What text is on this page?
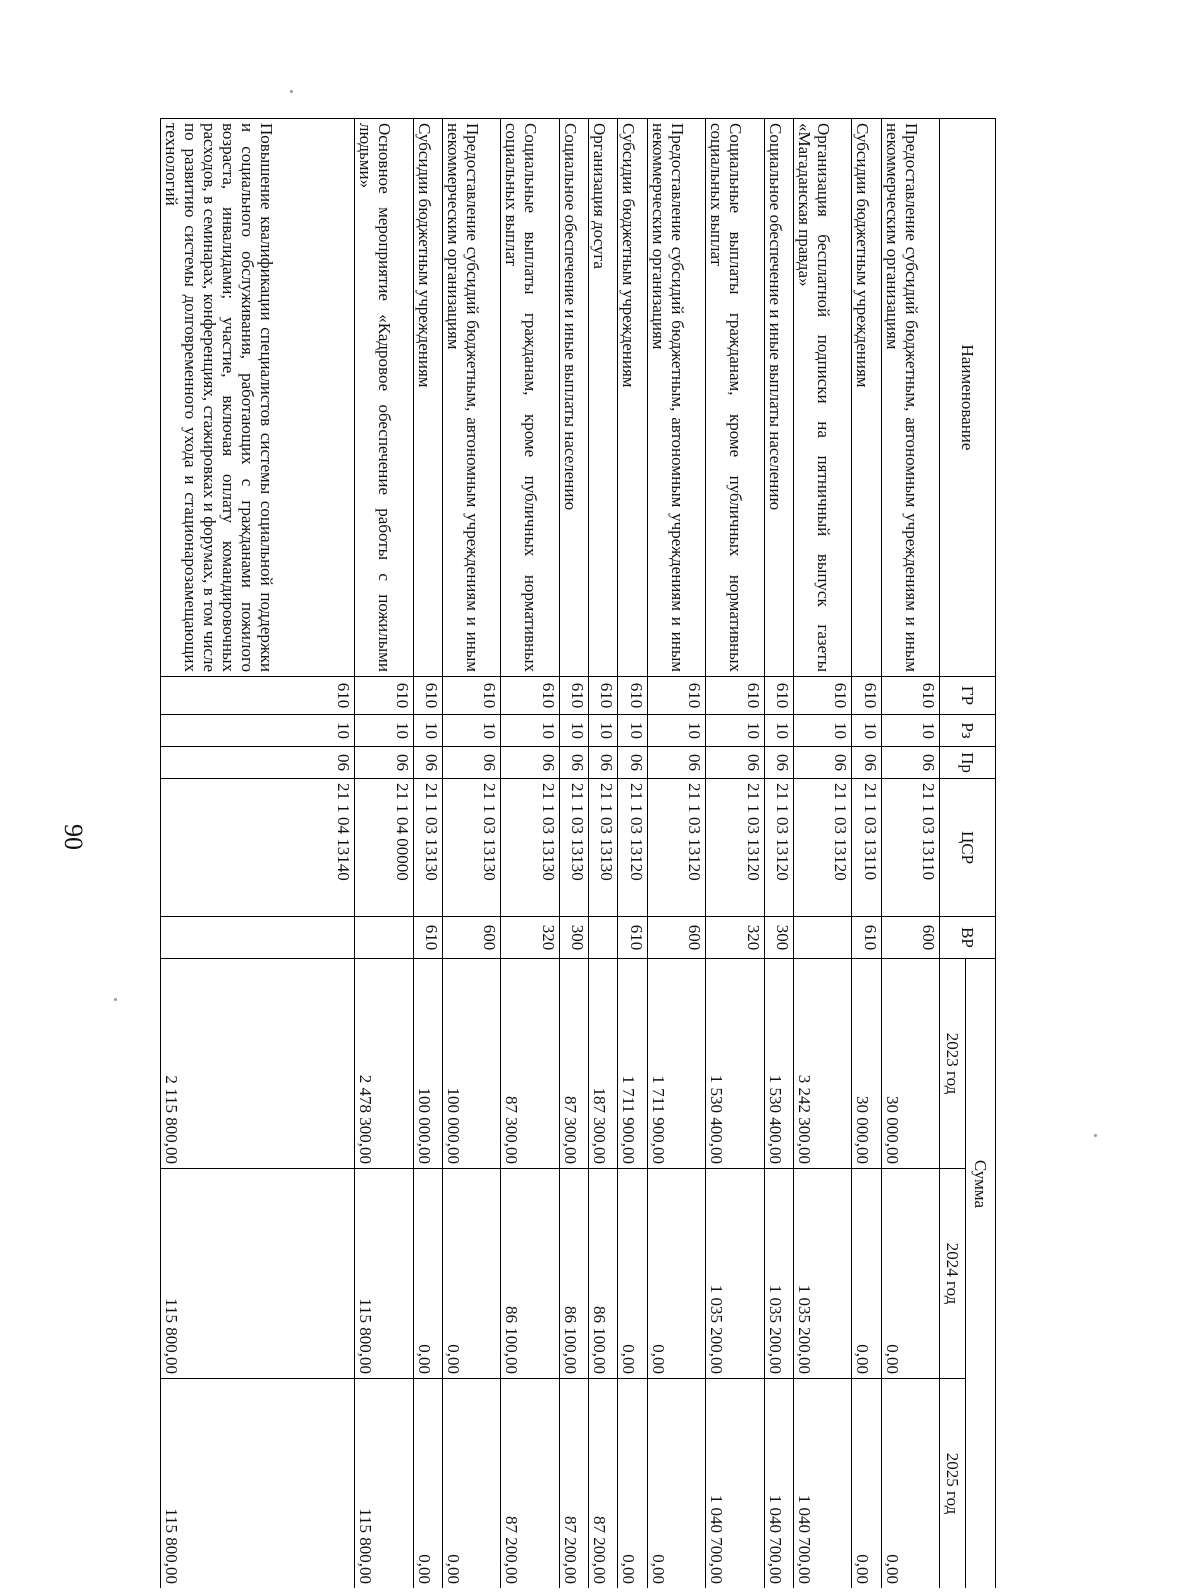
90
Наименование	ГР	Рз	Пр	ЦСР	ВР	Сумма		
						2023 год	2024 год	2025 год
Предоставление субсидий бюджетным, автономным учреждениям и иным некоммерческим организациям	610	10	06	21 1 03 13110	600	30 000,00	0,00	0,00
Субсидии бюджетным учреждениям	610	10	06	21 1 03 13110	610	30 000,00	0,00	0,00
Организация бесплатной подписки на пятничный выпуск газеты «Магаданская правда»	610	10	06	21 1 03 13120		3 242 300,00	1 035 200,00	1 040 700,00
Социальное обеспечение и иные выплаты населению	610	10	06	21 1 03 13120	300	1 530 400,00	1 035 200,00	1 040 700,00
Социальные выплаты гражданам, кроме публичных нормативных социальных выплат	610	10	06	21 1 03 13120	320	1 530 400,00	1 035 200,00	1 040 700,00
Предоставление субсидий бюджетным, автономным учреждениям и иным некоммерческим организациям	610	10	06	21 1 03 13120	600	1 711 900,00	0,00	0,00
Субсидии бюджетным учреждениям	610	10	06	21 1 03 13120	610	1 711 900,00	0,00	0,00
Организация досуга	610	10	06	21 1 03 13130		187 300,00	86 100,00	87 200,00
Социальное обеспечение и иные выплаты населению	610	10	06	21 1 03 13130	300	87 300,00	86 100,00	87 200,00
Социальные выплаты гражданам, кроме публичных нормативных социальных выплат	610	10	06	21 1 03 13130	320	87 300,00	86 100,00	87 200,00
Предоставление субсидий бюджетным, автономным учреждениям и иным некоммерческим организациям	610	10	06	21 1 03 13130	600	100 000,00	0,00	0,00
Субсидии бюджетным учреждениям	610	10	06	21 1 03 13130	610	100 000,00	0,00	0,00
Основное мероприятие «Кадровое обеспечение работы с пожилыми людьми»	610	10	06	21 1 04 00000		2 478 300,00	115 800,00	115 800,00
Повышение квалификации специалистов системы социальной поддержки и социального обслуживания, работающих с гражданами пожилого возраста, инвалидами; участие, включая оплату командировочных расходов, в семинарах, конференциях, стажировках и форумах, в том числе по развитию системы долговременного ухода и стационарозамещающих технологий	610	10	06	21 1 04 13140		2 115 800,00	115 800,00	115 800,00
